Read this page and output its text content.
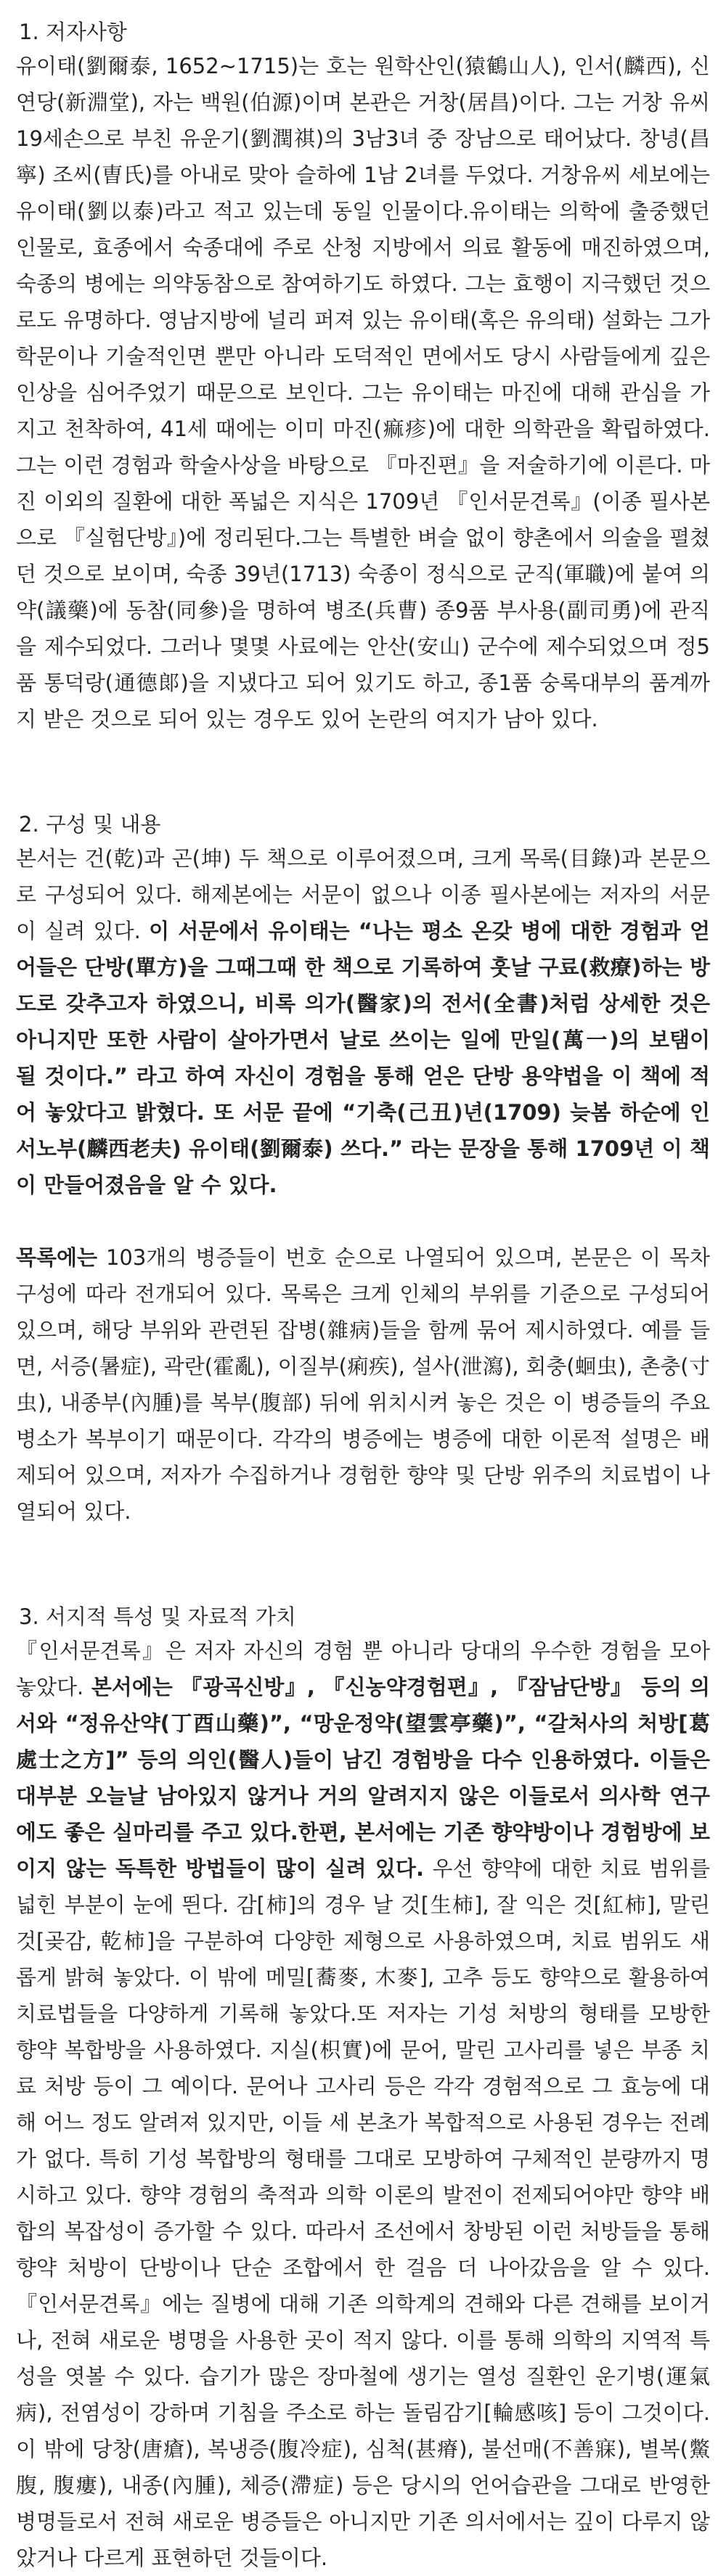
1. 저자사항

유이태(劉爾泰, 1652~1715)는 호는 원학산인(猿鶴山人), 인서(麟西), 신연당(新淵堂), 자는 백원(伯源)이며 본관은 거창(居昌)이다. 그는 거창 유씨 19세손으로 부친 유운기(劉潤祺)의 3남3녀 중 장남으로 태어났다. 창녕(昌寧) 조씨(曺氏)를 아내로 맞아 슬하에 1남 2녀를 두었다. 거창유씨 세보에는 유이태(劉以泰)라고 적고 있는데 동일 인물이다.유이태는 의학에 출중했던 인물로, 효종에서 숙종대에 주로 산청 지방에서 의료 활동에 매진하였으며, 숙종의 병에는 의약동참으로 참여하기도 하였다. 그는 효행이 지극했던 것으로도 유명하다. 영남지방에 널리 퍼져 있는 유이태(혹은 유의태) 설화는 그가 학문이나 기술적인면 뿐만 아니라 도덕적인 면에서도 당시 사람들에게 깊은 인상을 심어주었기 때문으로 보인다. 그는 유이태는 마진에 대해 관심을 가지고 천착하여, 41세 때에는 이미 마진(痲疹)에 대한 의학관을 확립하였다. 그는 이런 경험과 학술사상을 바탕으로 『마진편』을 저술하기에 이른다. 마진 이외의 질환에 대한 폭넓은 지식은 1709년 『인서문견록』(이종 필사본으로 『실험단방』)에 정리된다.그는 특별한 벼슬 없이 향촌에서 의술을 펼쳤던 것으로 보이며, 숙종 39년(1713) 숙종이 정식으로 군직(軍職)에 붙여 의약(議藥)에 동참(同參)을 명하여 병조(兵曹) 종9품 부사용(副司勇)에 관직을 제수되었다. 그러나 몇몇 사료에는 안산(安山) 군수에 제수되었으며 정5품 통덕랑(通德郞)을 지냈다고 되어 있기도 하고, 종1품 숭록대부의 품계까지 받은 것으로 되어 있는 경우도 있어 논란의 여지가 남아 있다.

2. 구성 및 내용

본서는 건(乾)과 곤(坤) 두 책으로 이루어졌으며, 크게 목록(目錄)과 본문으로 구성되어 있다. 해제본에는 서문이 없으나 이종 필사본에는 저자의 서문이 실려 있다. 이 서문에서 유이태는 “나는 평소 온갖 병에 대한 경험과 얻어들은 단방(單方)을 그때그때 한 책으로 기록하여 훗날 구료(救療)하는 방도로 갖추고자 하였으니, 비록 의가(醫家)의 전서(全書)처럼 상세한 것은 아니지만 또한 사람이 살아가면서 날로 쓰이는 일에 만일(萬一)의 보탬이 될 것이다.” 라고 하여 자신이 경험을 통해 얻은 단방 용약법을 이 책에 적어 놓았다고 밝혔다. 또 서문 끝에 “기축(己丑)년(1709) 늦봄 하순에 인서노부(麟西老夫) 유이태(劉爾泰) 쓰다.” 라는 문장을 통해 1709년 이 책이 만들어졌음을 알 수 있다.

목록에는 103개의 병증들이 번호 순으로 나열되어 있으며, 본문은 이 목차 구성에 따라 전개되어 있다. 목록은 크게 인체의 부위를 기준으로 구성되어 있으며, 해당 부위와 관련된 잡병(雜病)들을 함께 묶어 제시하였다. 예를 들면, 서증(暑症), 곽란(霍亂), 이질부(痢疾), 설사(泄瀉), 회충(蛔虫), 촌충(寸虫), 내종부(內腫)를 복부(腹部) 뒤에 위치시켜 놓은 것은 이 병증들의 주요 병소가 복부이기 때문이다. 각각의 병증에는 병증에 대한 이론적 설명은 배제되어 있으며, 저자가 수집하거나 경험한 향약 및 단방 위주의 치료법이 나열되어 있다.

3. 서지적 특성 및 자료적 가치

『인서문견록』은 저자 자신의 경험 뿐 아니라 당대의 우수한 경험을 모아 놓았다. 본서에는 『광곡신방』, 『신농약경험편』, 『잠남단방』 등의 의서와 “정유산약(丁酉山藥)”, “망운정약(望雲亭藥)”, “갈처사의 처방[葛處士之方]” 등의 의인(醫人)들이 남긴 경험방을 다수 인용하였다. 이들은 대부분 오늘날 남아있지 않거나 거의 알려지지 않은 이들로서 의사학 연구에도 좋은 실마리를 주고 있다.한편, 본서에는 기존 향약방이나 경험방에 보이지 않는 독특한 방법들이 많이 실려 있다. 우선 향약에 대한 치료 범위를 넓힌 부분이 눈에 띈다. 감[柿]의 경우 날 것[生柿], 잘 익은 것[紅柿], 말린 것[곶감, 乾柿]을 구분하여 다양한 제형으로 사용하였으며, 치료 범위도 새롭게 밝혀 놓았다. 이 밖에 메밀[蕎麥, 木麥], 고추 등도 향약으로 활용하여 치료법들을 다양하게 기록해 놓았다.또 저자는 기성 처방의 형태를 모방한 향약 복합방을 사용하였다. 지실(枳實)에 문어, 말린 고사리를 넣은 부종 치료 처방 등이 그 예이다. 문어나 고사리 등은 각각 경험적으로 그 효능에 대해 어느 정도 알려져 있지만, 이들 세 본초가 복합적으로 사용된 경우는 전례가 없다. 특히 기성 복합방의 형태를 그대로 모방하여 구체적인 분량까지 명시하고 있다. 향약 경험의 축적과 의학 이론의 발전이 전제되어야만 향약 배합의 복잡성이 증가할 수 있다. 따라서 조선에서 창방된 이런 처방들을 통해 향약 처방이 단방이나 단순 조합에서 한 걸음 더 나아갔음을 알 수 있다. 『인서문견록』에는 질병에 대해 기존 의학계의 견해와 다른 견해를 보이거나, 전혀 새로운 병명을 사용한 곳이 적지 않다. 이를 통해 의학의 지역적 특성을 엿볼 수 있다. 습기가 많은 장마철에 생기는 열성 질환인 운기병(運氣病), 전염성이 강하며 기침을 주소로 하는 돌림감기[輪感咳] 등이 그것이다. 이 밖에 당창(唐瘡), 복냉증(腹冷症), 심척(甚瘠), 불선매(不善寐), 별복(鱉腹, 腹瘻), 내종(內腫), 체증(滯症) 등은 당시의 언어습관을 그대로 반영한 병명들로서 전혀 새로운 병증들은 아니지만 기존 의서에서는 깊이 다루지 않았거나 다르게 표현하던 것들이다.
